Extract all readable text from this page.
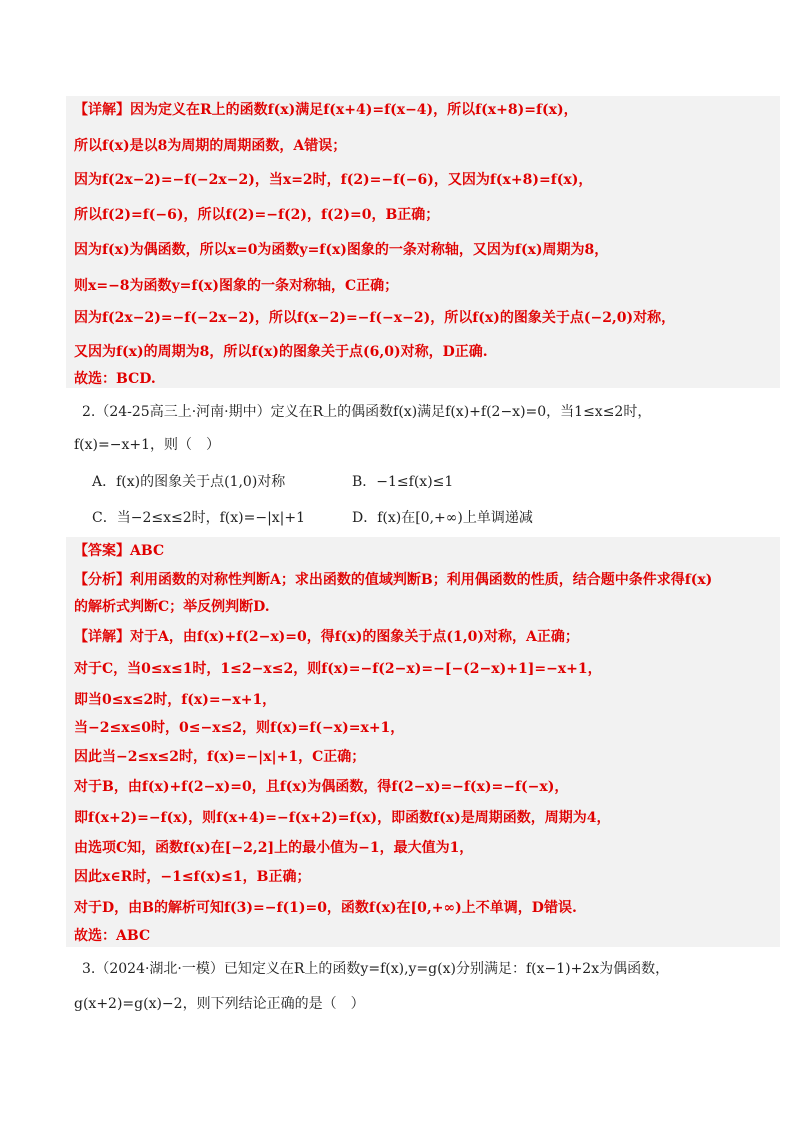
【详解】因为定义在R上的函数f(x)满足f(x+4)=f(x−4)，所以f(x+8)=f(x)，
所以f(x)是以8为周期的周期函数，A错误；
因为f(2x−2)=−f(−2x−2)，当x=2时，f(2)=−f(−6)，又因为f(x+8)=f(x)，
所以f(2)=f(−6)，所以f(2)=−f(2)，f(2)=0，B正确；
因为f(x)为偶函数，所以x=0为函数y=f(x)图象的一条对称轴，又因为f(x)周期为8，
则x=−8为函数y=f(x)图象的一条对称轴，C正确；
因为f(2x−2)=−f(−2x−2)，所以f(x−2)=−f(−x−2)，所以f(x)的图象关于点(−2,0)对称，
又因为f(x)的周期为8，所以f(x)的图象关于点(6,0)对称，D正确.
故选：BCD.
2.（24-25高三上·河南·期中）定义在R上的偶函数f(x)满足f(x)+f(2−x)=0，当1≤x≤2时，
f(x)=−x+1，则（　）
A．f(x)的图象关于点(1,0)对称	B．−1≤f(x)≤1
C．当−2≤x≤2时，f(x)=−|x|+1	D．f(x)在[0,+∞)上单调递减
【答案】ABC
【分析】利用函数的对称性判断A；求出函数的值域判断B；利用偶函数的性质，结合题中条件求得f(x)
的解析式判断C；举反例判断D.
【详解】对于A，由f(x)+f(2−x)=0，得f(x)的图象关于点(1,0)对称，A正确；
对于C，当0≤x≤1时，1≤2−x≤2，则f(x)=−f(2−x)=−[−(2−x)+1]=−x+1，
即当0≤x≤2时，f(x)=−x+1，
当−2≤x≤0时，0≤−x≤2，则f(x)=f(−x)=x+1，
因此当−2≤x≤2时，f(x)=−|x|+1，C正确；
对于B，由f(x)+f(2−x)=0，且f(x)为偶函数，得f(2−x)=−f(x)=−f(−x)，
即f(x+2)=−f(x)，则f(x+4)=−f(x+2)=f(x)，即函数f(x)是周期函数，周期为4，
由选项C知，函数f(x)在[−2,2]上的最小值为−1，最大值为1，
因此x∈R时，−1≤f(x)≤1，B正确；
对于D，由B的解析可知f(3)=−f(1)=0，函数f(x)在[0,+∞)上不单调，D错误.
故选：ABC
3.（2024·湖北·一模）已知定义在R上的函数y=f(x),y=g(x)分别满足：f(x−1)+2x为偶函数，
g(x+2)=g(x)−2，则下列结论正确的是（　）
